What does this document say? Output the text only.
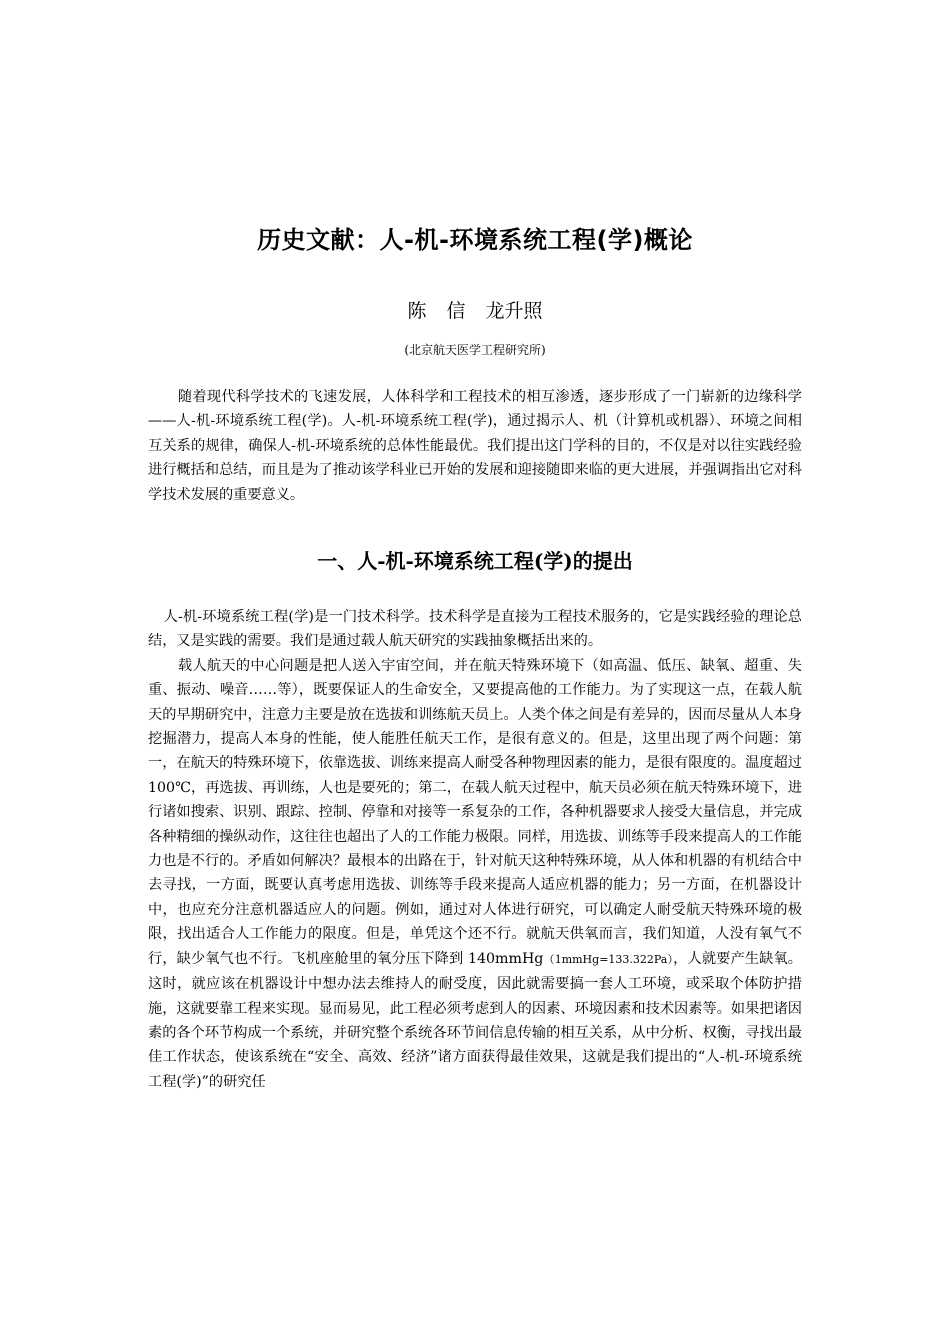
历史文献：人-机-环境系统工程(学)概论
陈 信 龙升照
(北京航天医学工程研究所)

随着现代科学技术的飞速发展，人体科学和工程技术的相互渗透，逐步形成了一门崭新的边缘科学——人-机-环境系统工程(学)。人-机-环境系统工程(学)，通过揭示人、机（计算机或机器）、环境之间相互关系的规律，确保人-机-环境系统的总体性能最优。我们提出这门学科的目的，不仅是对以往实践经验进行概括和总结，而且是为了推动该学科业已开始的发展和迎接随即来临的更大进展，并强调指出它对科学技术发展的重要意义。

一、人-机-环境系统工程(学)的提出

人-机-环境系统工程(学)是一门技术科学。技术科学是直接为工程技术服务的，它是实践经验的理论总结，又是实践的需要。我们是通过载人航天研究的实践抽象概括出来的。

载人航天的中心问题是把人送入宇宙空间，并在航天特殊环境下（如高温、低压、缺氧、超重、失重、振动、噪音……等），既要保证人的生命安全，又要提高他的工作能力。为了实现这一点，在载人航天的早期研究中，注意力主要是放在选拔和训练航天员上。人类个体之间是有差异的，因而尽量从人本身挖掘潜力，提高人本身的性能，使人能胜任航天工作，是很有意义的。但是，这里出现了两个问题：第一，在航天的特殊环境下，依靠选拔、训练来提高人耐受各种物理因素的能力，是很有限度的。温度超过 100℃，再选拔、再训练，人也是要死的；第二，在载人航天过程中，航天员必须在航天特殊环境下，进行诸如搜索、识别、跟踪、控制、停靠和对接等一系复杂的工作，各种机器要求人接受大量信息，并完成各种精细的操纵动作，这往往也超出了人的工作能力极限。同样，用选拔、训练等手段来提高人的工作能力也是不行的。矛盾如何解决？最根本的出路在于，针对航天这种特殊环境，从人体和机器的有机结合中去寻找，一方面，既要认真考虑用选拔、训练等手段来提高人适应机器的能力；另一方面，在机器设计中，也应充分注意机器适应人的问题。例如，通过对人体进行研究，可以确定人耐受航天特殊环境的极限，找出适合人工作能力的限度。但是，单凭这个还不行。就航天供氧而言，我们知道，人没有氧气不行，缺少氧气也不行。飞机座舱里的氧分压下降到 140mmHg（1mmHg=133.322Pa），人就要产生缺氧。这时，就应该在机器设计中想办法去维持人的耐受度，因此就需要搞一套人工环境，或采取个体防护措施，这就要靠工程来实现。显而易见，此工程必须考虑到人的因素、环境因素和技术因素等。如果把诸因素的各个环节构成一个系统，并研究整个系统各环节间信息传输的相互关系，从中分析、权衡，寻找出最佳工作状态，使该系统在“安全、高效、经济”诸方面获得最佳效果，这就是我们提出的“人-机-环境系统工程(学)”的研究任
